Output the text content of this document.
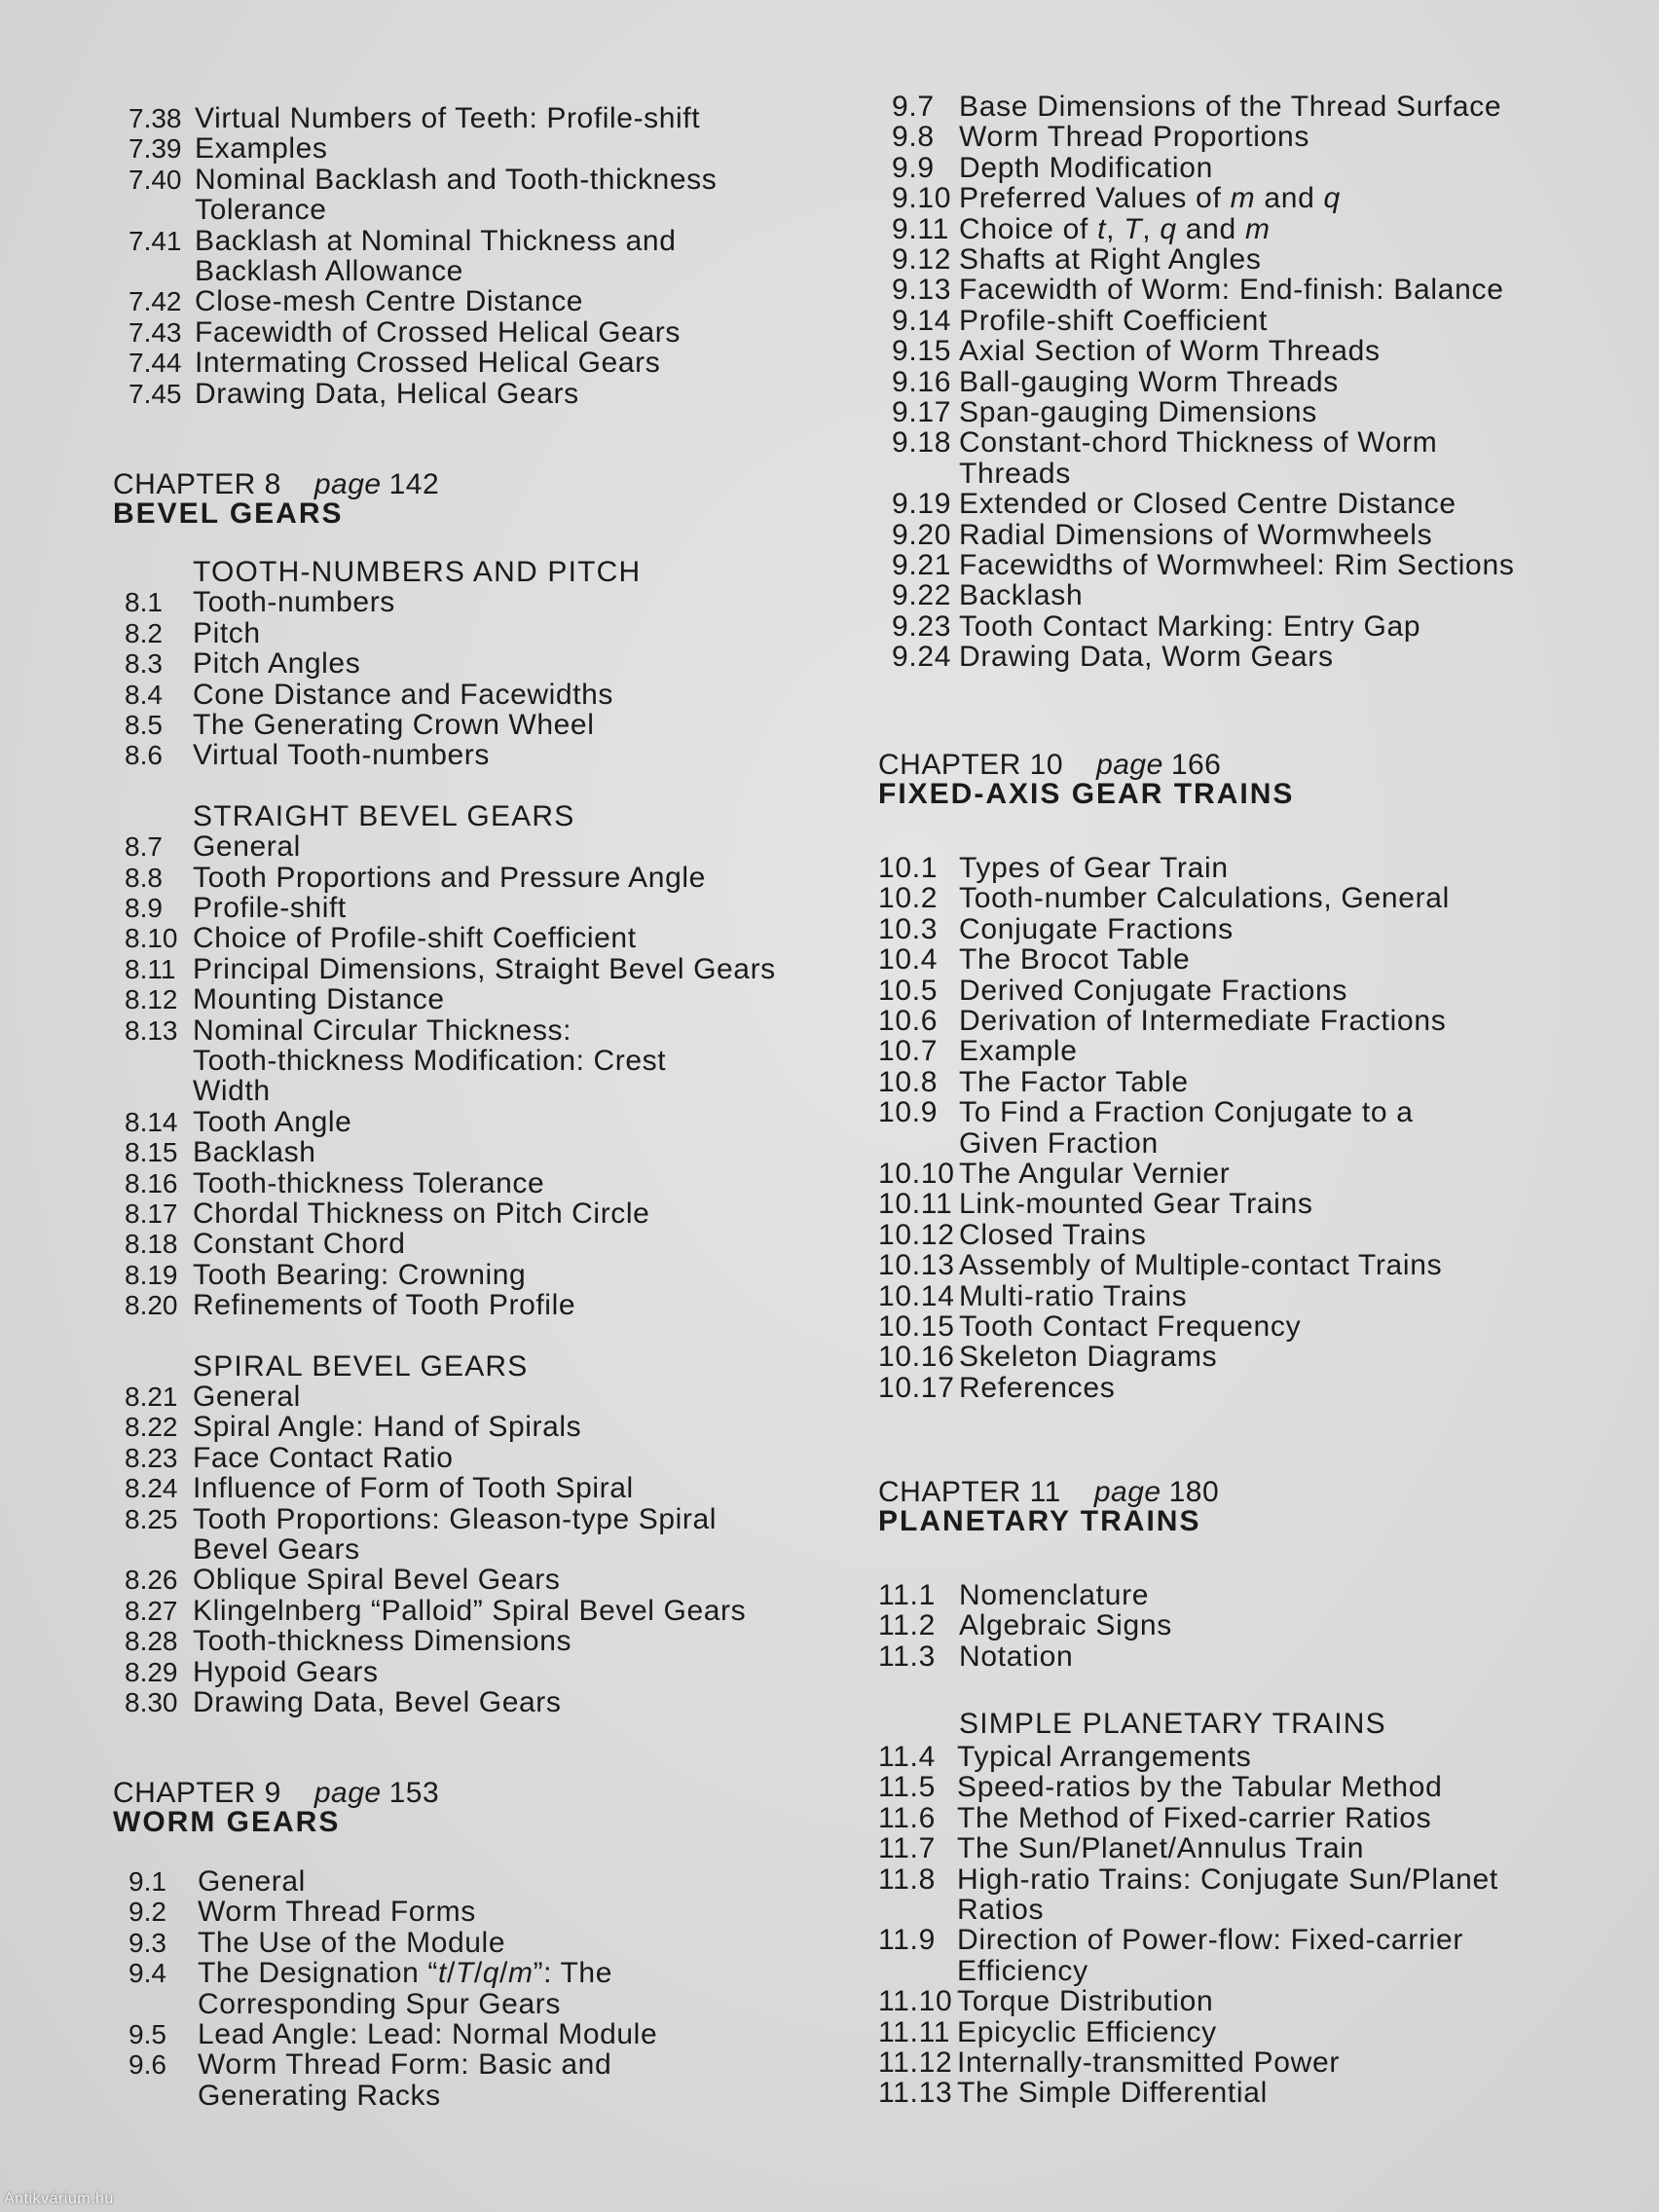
7.38 Virtual Numbers of Teeth: Profile-shift
7.39 Examples
7.40 Nominal Backlash and Tooth-thickness
Tolerance
7.41 Backlash at Nominal Thickness and
Backlash Allowance
7.42 Close-mesh Centre Distance
7.43 Facewidth of Crossed Helical Gears
7.44 Intermating Crossed Helical Gears
7.45 Drawing Data, Helical Gears
CHAPTER 8 page 142
BEVEL GEARS
TOOTH-NUMBERS AND PITCH
8.1 Tooth-numbers
8.2 Pitch
8.3 Pitch Angles
8.4 Cone Distance and Facewidths
8.5 The Generating Crown Wheel
8.6 Virtual Tooth-numbers
STRAIGHT BEVEL GEARS
8.7 General
8.8 Tooth Proportions and Pressure Angle
8.9 Profile-shift
8.10 Choice of Profile-shift Coefficient
8.11 Principal Dimensions, Straight Bevel Gears
8.12 Mounting Distance
8.13 Nominal Circular Thickness:
Tooth-thickness Modification: Crest
Width
8.14 Tooth Angle
8.15 Backlash
8.16 Tooth-thickness Tolerance
8.17 Chordal Thickness on Pitch Circle
8.18 Constant Chord
8.19 Tooth Bearing: Crowning
8.20 Refinements of Tooth Profile
SPIRAL BEVEL GEARS
8.21 General
8.22 Spiral Angle: Hand of Spirals
8.23 Face Contact Ratio
8.24 Influence of Form of Tooth Spiral
8.25 Tooth Proportions: Gleason-type Spiral
Bevel Gears
8.26 Oblique Spiral Bevel Gears
8.27 Klingelnberg “Palloid” Spiral Bevel Gears
8.28 Tooth-thickness Dimensions
8.29 Hypoid Gears
8.30 Drawing Data, Bevel Gears
CHAPTER 9 page 153
WORM GEARS
9.1 General
9.2 Worm Thread Forms
9.3 The Use of the Module
9.4 The Designation “t/T/q/m”: The
Corresponding Spur Gears
9.5 Lead Angle: Lead: Normal Module
9.6 Worm Thread Form: Basic and
Generating Racks
9.7 Base Dimensions of the Thread Surface
9.8 Worm Thread Proportions
9.9 Depth Modification
9.10 Preferred Values of m and q
9.11 Choice of t, T, q and m
9.12 Shafts at Right Angles
9.13 Facewidth of Worm: End-finish: Balance
9.14 Profile-shift Coefficient
9.15 Axial Section of Worm Threads
9.16 Ball-gauging Worm Threads
9.17 Span-gauging Dimensions
9.18 Constant-chord Thickness of Worm
Threads
9.19 Extended or Closed Centre Distance
9.20 Radial Dimensions of Wormwheels
9.21 Facewidths of Wormwheel: Rim Sections
9.22 Backlash
9.23 Tooth Contact Marking: Entry Gap
9.24 Drawing Data, Worm Gears
CHAPTER 10 page 166
FIXED-AXIS GEAR TRAINS
10.1 Types of Gear Train
10.2 Tooth-number Calculations, General
10.3 Conjugate Fractions
10.4 The Brocot Table
10.5 Derived Conjugate Fractions
10.6 Derivation of Intermediate Fractions
10.7 Example
10.8 The Factor Table
10.9 To Find a Fraction Conjugate to a
Given Fraction
10.10 The Angular Vernier
10.11 Link-mounted Gear Trains
10.12 Closed Trains
10.13 Assembly of Multiple-contact Trains
10.14 Multi-ratio Trains
10.15 Tooth Contact Frequency
10.16 Skeleton Diagrams
10.17 References
CHAPTER 11 page 180
PLANETARY TRAINS
11.1 Nomenclature
11.2 Algebraic Signs
11.3 Notation
SIMPLE PLANETARY TRAINS
11.4 Typical Arrangements
11.5 Speed-ratios by the Tabular Method
11.6 The Method of Fixed-carrier Ratios
11.7 The Sun/Planet/Annulus Train
11.8 High-ratio Trains: Conjugate Sun/Planet
Ratios
11.9 Direction of Power-flow: Fixed-carrier
Efficiency
11.10 Torque Distribution
11.11 Epicyclic Efficiency
11.12 Internally-transmitted Power
11.13 The Simple Differential
Antikvárium.hu
